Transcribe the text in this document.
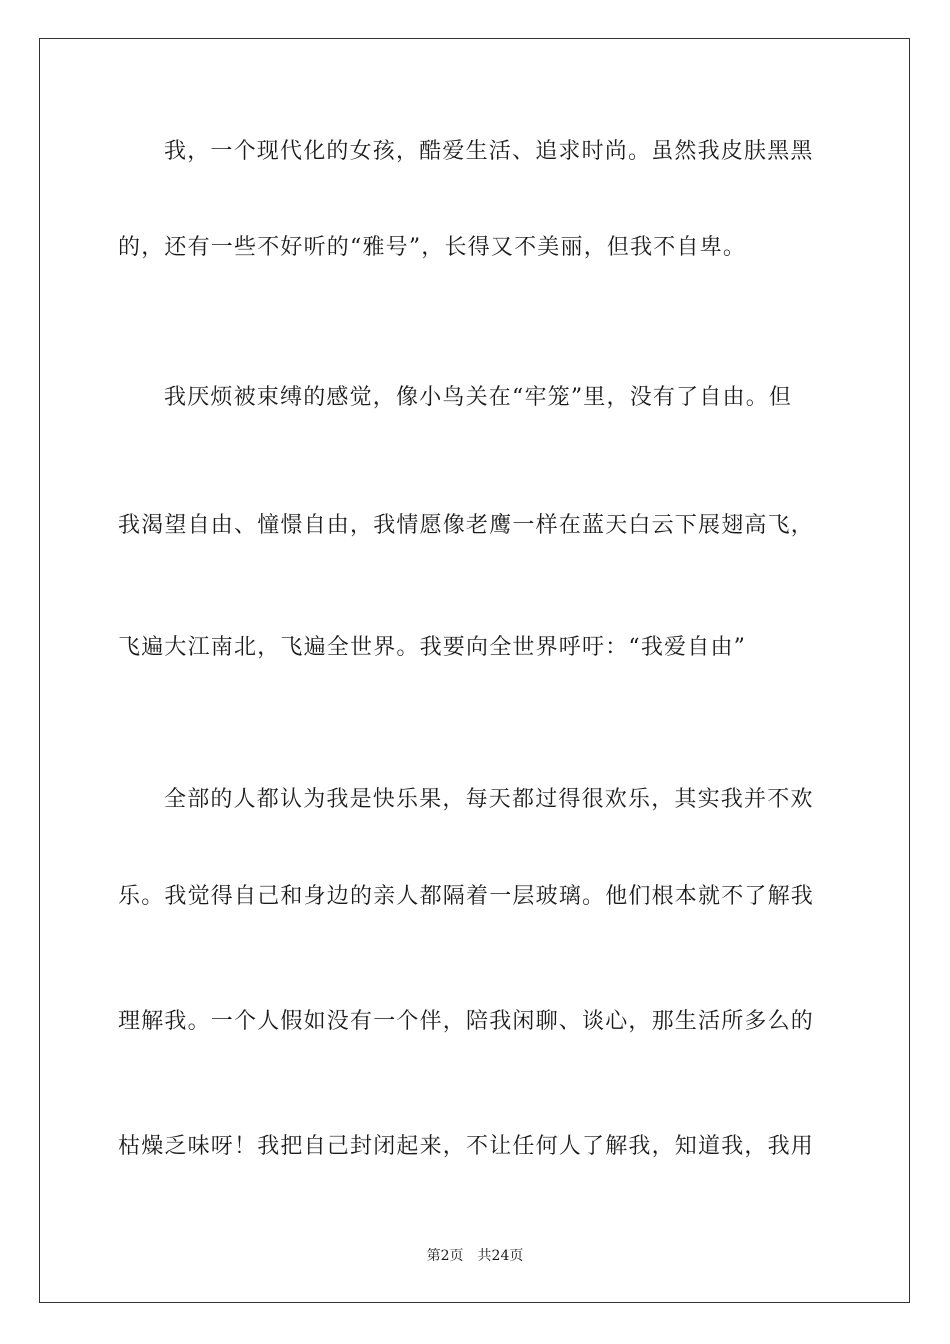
我，一个现代化的女孩，酷爱生活、追求时尚。虽然我皮肤黑黑
的，还有一些不好听的“雅号”，长得又不美丽，但我不自卑。
我厌烦被束缚的感觉，像小鸟关在“牢笼”里，没有了自由。但
我渴望自由、憧憬自由，我情愿像老鹰一样在蓝天白云下展翅高飞，
飞遍大江南北，飞遍全世界。我要向全世界呼吁：“我爱自由”
全部的人都认为我是快乐果，每天都过得很欢乐，其实我并不欢
乐。我觉得自己和身边的亲人都隔着一层玻璃。他们根本就不了解我
理解我。一个人假如没有一个伴，陪我闲聊、谈心，那生活所多么的
枯燥乏味呀！我把自己封闭起来，不让任何人了解我，知道我，我用
第2页 共24页
